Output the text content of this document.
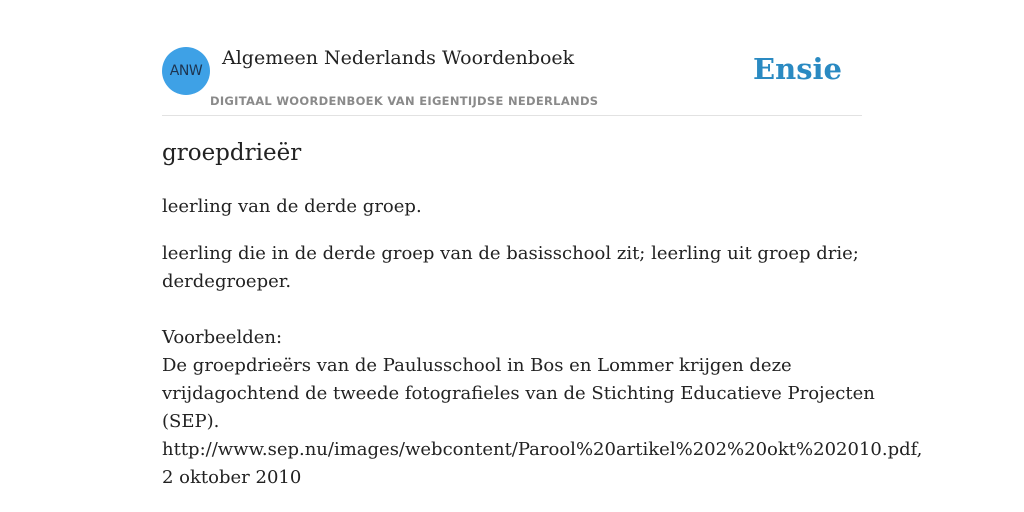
ANW
Algemeen Nederlands Woordenboek
DIGITAAL WOORDENBOEK VAN EIGENTIJDSE NEDERLANDS
Ensie
groepdrieër

leerling van de derde groep.

leerling die in de derde groep van de basisschool zit; leerling uit groep drie; derdegroeper.

Voorbeelden:

De groepdrieërs van de Paulusschool in Bos en Lommer krijgen deze vrijdagochtend de tweede fotografieles van de Stichting Educatieve Projecten (SEP).

http://www.sep.nu/images/webcontent/Parool%20artikel%202%20okt%202010.pdf,

2 oktober 2010
